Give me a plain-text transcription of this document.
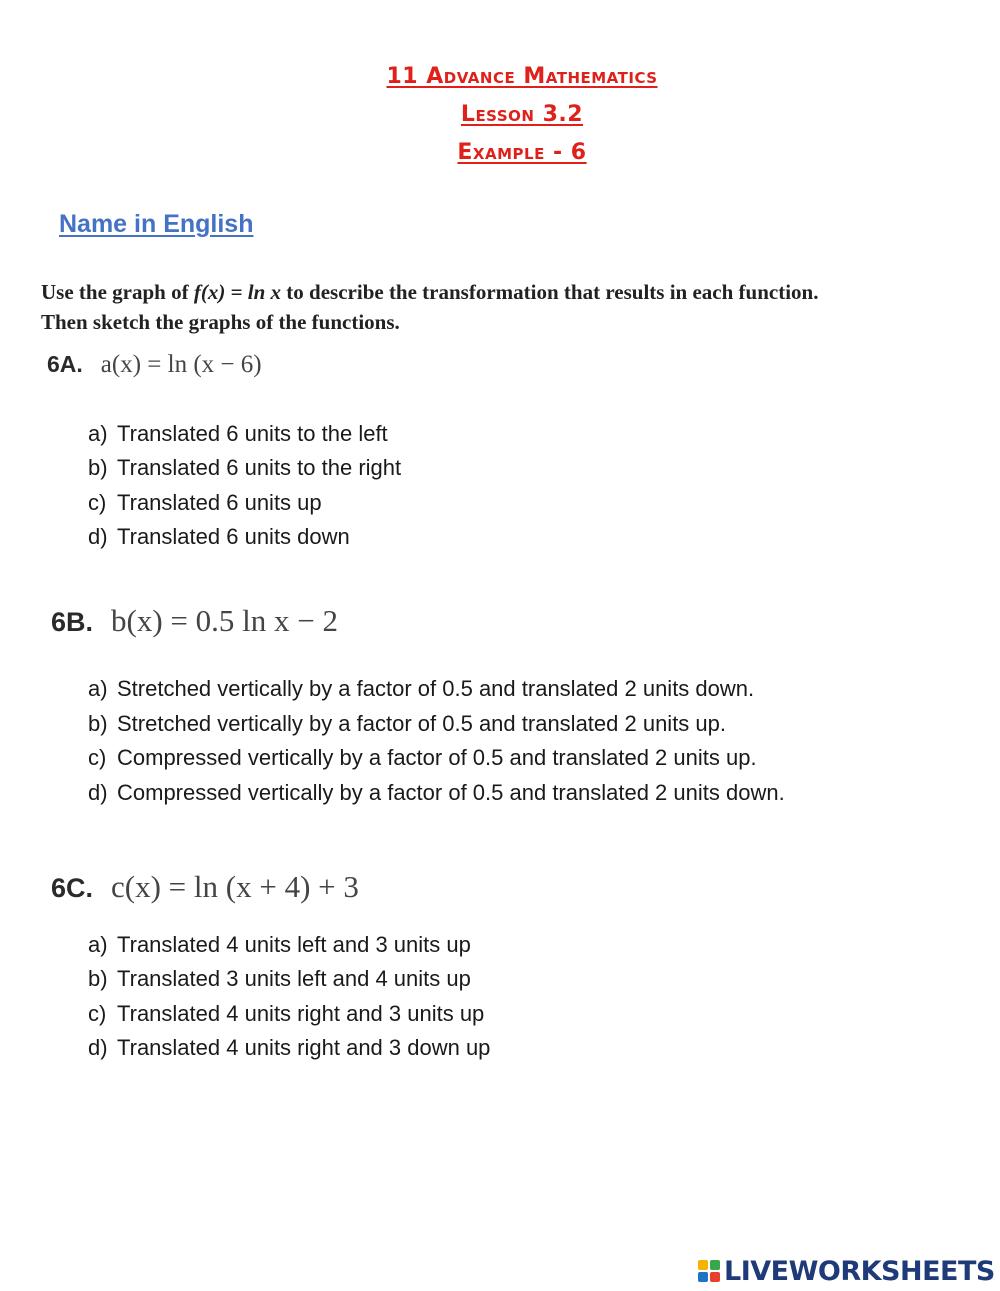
11 Advance Mathematics
Lesson 3.2
Example - 6
Name in English
Use the graph of f(x) = ln x to describe the transformation that results in each function.
Then sketch the graphs of the functions.
6A. a(x) = ln (x − 6)
a) Translated 6 units to the left
b) Translated 6 units to the right
c) Translated 6 units up
d) Translated 6 units down
6B. b(x) = 0.5 ln x − 2
a) Stretched vertically by a factor of 0.5 and translated 2 units down.
b) Stretched vertically by a factor of 0.5 and translated 2 units up.
c) Compressed vertically by a factor of 0.5 and translated 2 units up.
d) Compressed vertically by a factor of 0.5 and translated 2 units down.
6C. c(x) = ln (x + 4) + 3
a) Translated 4 units left and 3 units up
b) Translated 3 units left and 4 units up
c) Translated 4 units right and 3 units up
d) Translated 4 units right and 3 down up
LIVEWORKSHEETS
